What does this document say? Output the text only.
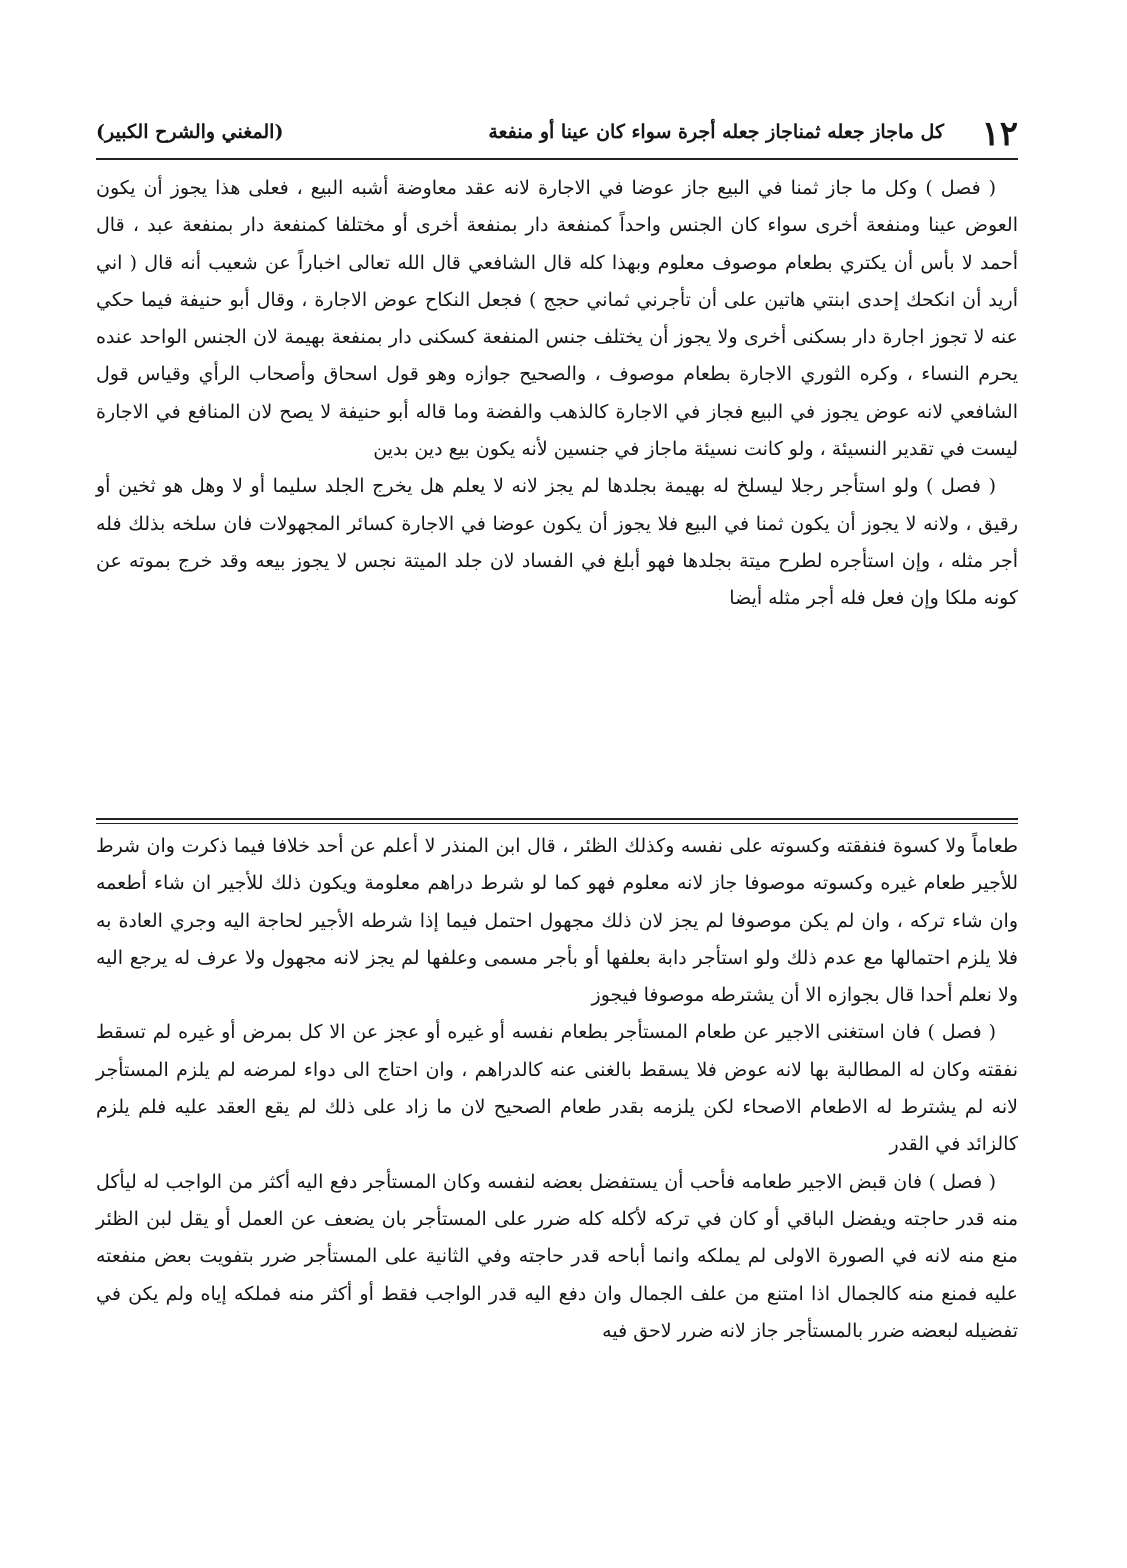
١٢
كل ماجاز جعله ثمناجاز جعله أجرة سواء كان عينا أو منفعة
(المغني والشرح الكبير)

( فصل ) وكل ما جاز ثمنا في البيع جاز عوضا في الاجارة لانه عقد معاوضة أشبه البيع ، فعلى هذا يجوز أن يكون العوض عينا ومنفعة أخرى سواء كان الجنس واحداً كمنفعة دار بمنفعة أخرى أو مختلفا كمنفعة دار بمنفعة عبد ، قال أحمد لا بأس أن يكتري بطعام موصوف معلوم وبهذا كله قال الشافعي قال الله تعالى اخباراً عن شعيب أنه قال ( اني أريد أن انكحك إحدى ابنتي هاتين على أن تأجرني ثماني حجج ) فجعل النكاح عوض الاجارة ، وقال أبو حنيفة فيما حكي عنه لا تجوز اجارة دار بسكنى أخرى ولا يجوز أن يختلف جنس المنفعة كسكنى دار بمنفعة بهيمة لان الجنس الواحد عنده يحرم النساء ، وكره الثوري الاجارة بطعام موصوف ، والصحيح جوازه وهو قول اسحاق وأصحاب الرأي وقياس قول الشافعي لانه عوض يجوز في البيع فجاز في الاجارة كالذهب والفضة وما قاله أبو حنيفة لا يصح لان المنافع في الاجارة ليست في تقدير النسيئة ، ولو كانت نسيئة ماجاز في جنسين لأنه يكون بيع دين بدين

( فصل ) ولو استأجر رجلا ليسلخ له بهيمة بجلدها لم يجز لانه لا يعلم هل يخرج الجلد سليما أو لا وهل هو ثخين أو رقيق ، ولانه لا يجوز أن يكون ثمنا في البيع فلا يجوز أن يكون عوضا في الاجارة كسائر المجهولات فان سلخه بذلك فله أجر مثله ، وإن استأجره لطرح ميتة بجلدها فهو أبلغ في الفساد لان جلد الميتة نجس لا يجوز بيعه وقد خرج بموته عن كونه ملكا وإن فعل فله أجر مثله أيضا

طعاماً ولا كسوة فنفقته وكسوته على نفسه وكذلك الظئر ، قال ابن المنذر لا أعلم عن أحد خلافا فيما ذكرت وان شرط للأجير طعام غيره وكسوته موصوفا جاز لانه معلوم فهو كما لو شرط دراهم معلومة ويكون ذلك للأجير ان شاء أطعمه وان شاء تركه ، وان لم يكن موصوفا لم يجز لان ذلك مجهول احتمل فيما إذا شرطه الأجير لحاجة اليه وجري العادة به فلا يلزم احتمالها مع عدم ذلك ولو استأجر دابة بعلفها أو بأجر مسمى وعلفها لم يجز لانه مجهول ولا عرف له يرجع اليه ولا نعلم أحدا قال بجوازه الا أن يشترطه موصوفا فيجوز

( فصل ) فان استغنى الاجير عن طعام المستأجر بطعام نفسه أو غيره أو عجز عن الا كل بمرض أو غيره لم تسقط نفقته وكان له المطالبة بها لانه عوض فلا يسقط بالغنى عنه كالدراهم ، وان احتاج الى دواء لمرضه لم يلزم المستأجر لانه لم يشترط له الاطعام الاصحاء لكن يلزمه بقدر طعام الصحيح لان ما زاد على ذلك لم يقع العقد عليه فلم يلزم كالزائد في القدر

( فصل ) فان قبض الاجير طعامه فأحب أن يستفضل بعضه لنفسه وكان المستأجر دفع اليه أكثر من الواجب له ليأكل منه قدر حاجته ويفضل الباقي أو كان في تركه لأكله كله ضرر على المستأجر بان يضعف عن العمل أو يقل لبن الظئر منع منه لانه في الصورة الاولى لم يملكه وانما أباحه قدر حاجته وفي الثانية على المستأجر ضرر بتفويت بعض منفعته عليه فمنع منه كالجمال اذا امتنع من علف الجمال وان دفع اليه قدر الواجب فقط أو أكثر منه فملكه إياه ولم يكن في تفضيله لبعضه ضرر بالمستأجر جاز لانه ضرر لاحق فيه
